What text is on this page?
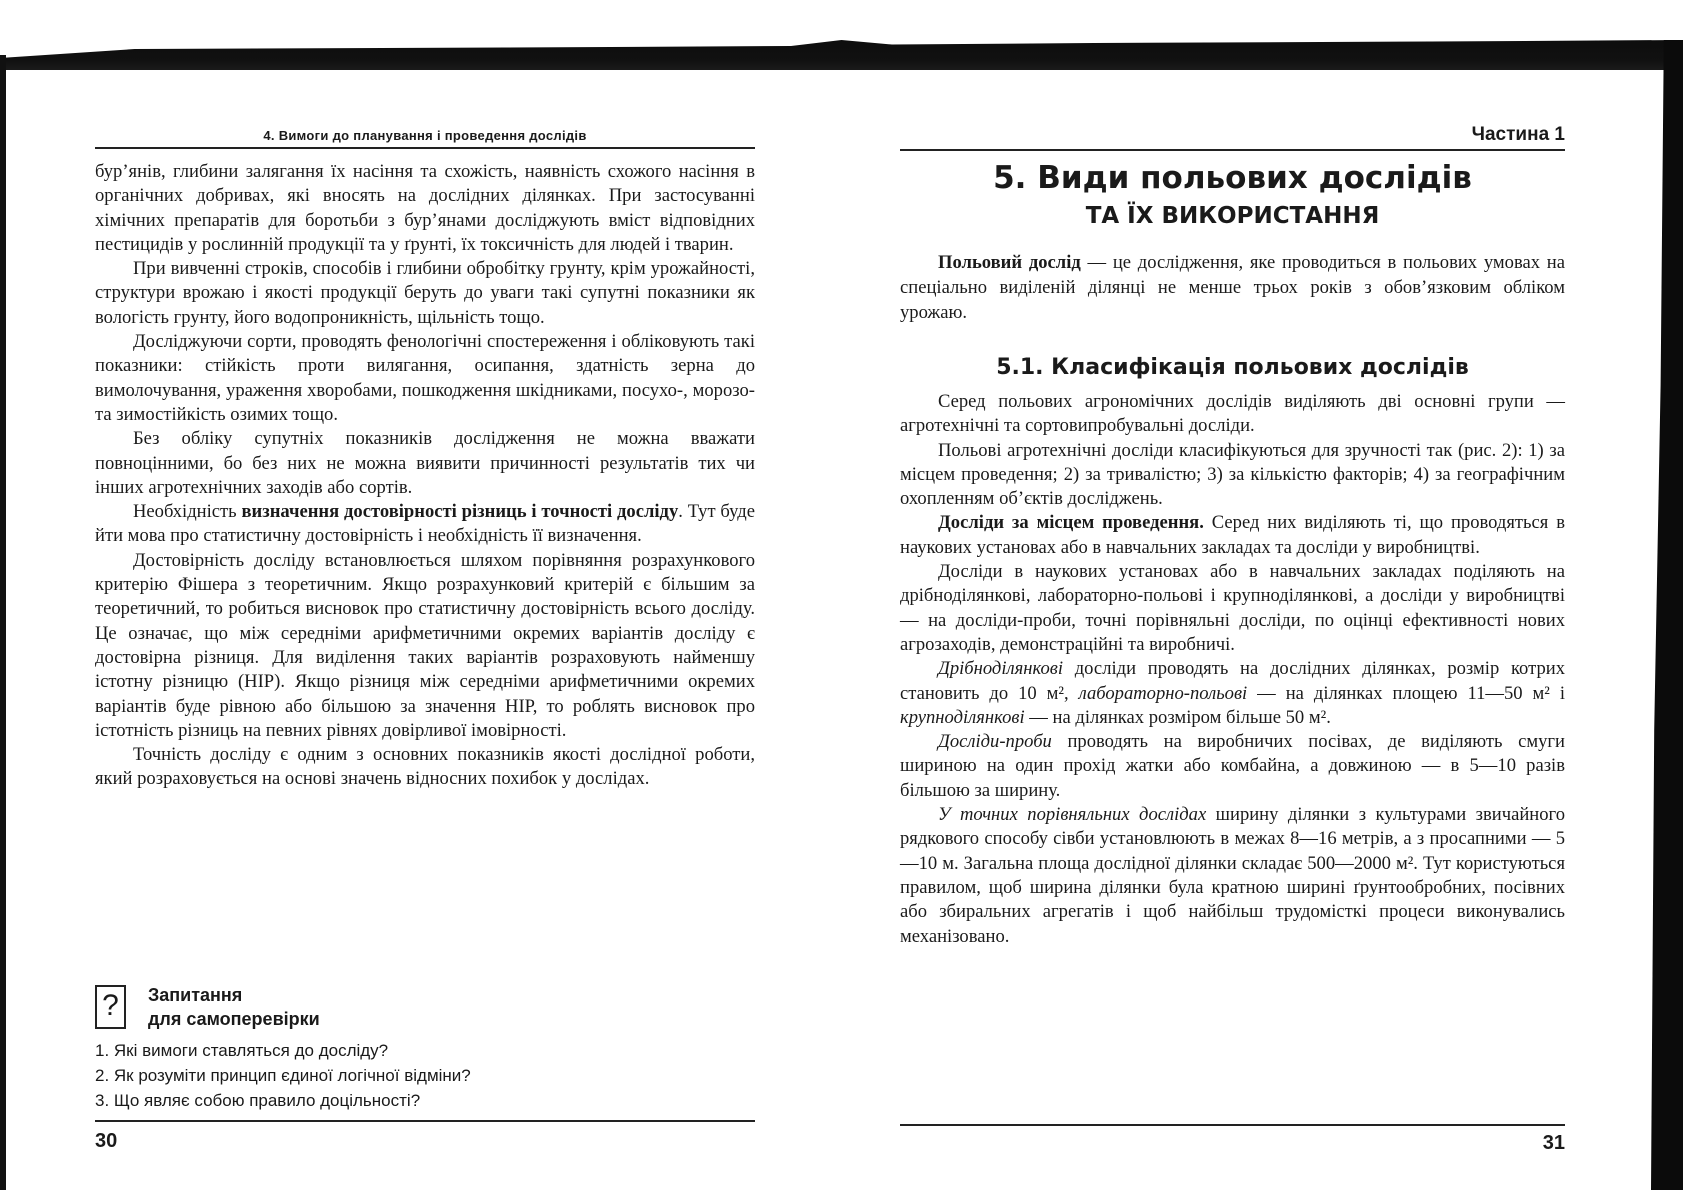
4. Вимоги до планування і проведення дослідів

бур’янів, глибини залягання їх насіння та схожість, наявність схожого насіння в органічних добривах, які вносять на дослідних ділянках. При застосуванні хімічних препаратів для боротьби з бур’янами досліджують вміст відповідних пестицидів у рослинній продукції та у ґрунті, їх токсичність для людей і тварин.

При вивченні строків, способів і глибини обробітку грунту, крім урожайності, структури врожаю і якості продукції беруть до уваги такі супутні показники як вологість грунту, його водопроникність, щільність тощо.

Досліджуючи сорти, проводять фенологічні спостереження і обліковують такі показники: стійкість проти вилягання, осипання, здатність зерна до вимолочування, ураження хворобами, пошкодження шкідниками, посухо-, морозо- та зимостійкість озимих тощо.

Без обліку супутніх показників дослідження не можна вважати повноцінними, бо без них не можна виявити причинності результатів тих чи інших агротехнічних заходів або сортів.

Необхідність визначення достовірності різниць і точності досліду. Тут буде йти мова про статистичну достовірність і необхідність її визначення.

Достовірність досліду встановлюється шляхом порівняння розрахункового критерію Фішера з теоретичним. Якщо розрахунковий критерій є більшим за теоретичний, то робиться висновок про статистичну достовірність всього досліду. Це означає, що між середніми арифметичними окремих варіантів досліду є достовірна різниця. Для виділення таких варіантів розраховують найменшу істотну різницю (НІР). Якщо різниця між середніми арифметичними окремих варіантів буде рівною або більшою за значення НІР, то роблять висновок про істотність різниць на певних рівнях довірливої імовірності.

Точність досліду є одним з основних показників якості дослідної роботи, який розраховується на основі значень відносних похибок у дослідах.

?	Запитання
для самоперевірки
1. Які вимоги ставляться до досліду?
2. Як розуміти принцип єдиної логічної відміни?
3. Що являє собою правило доцільності?
30
Частина 1
5. Види польових дослідів
ТА ЇХ ВИКОРИСТАННЯ

Польовий дослід — це дослідження, яке проводиться в польових умовах на спеціально виділеній ділянці не менше трьох років з обов’язковим обліком урожаю.

5.1. Класифікація польових дослідів

Серед польових агрономічних дослідів виділяють дві основні групи — агротехнічні та сортовипробувальні досліди.

Польові агротехнічні досліди класифікуються для зручності так (рис. 2): 1) за місцем проведення; 2) за тривалістю; 3) за кількістю факторів; 4) за географічним охопленням об’єктів досліджень.

Досліди за місцем проведення. Серед них виділяють ті, що проводяться в наукових установах або в навчальних закладах та досліди у виробництві.

Досліди в наукових установах або в навчальних закладах поділяють на дрібноділянкові, лабораторно-польові і крупноділянкові, а досліди у виробництві — на досліди-проби, точні порівняльні досліди, по оцінці ефективності нових агрозаходів, демонстраційні та виробничі.

Дрібноділянкові досліди проводять на дослідних ділянках, розмір котрих становить до 10 м², лабораторно-польові — на ділянках площею 11—50 м² і крупноділянкові — на ділянках розміром більше 50 м².

Досліди-проби проводять на виробничих посівах, де виділяють смуги шириною на один прохід жатки або комбайна, а довжиною — в 5—10 разів більшою за ширину.

У точних порівняльних дослідах ширину ділянки з культурами звичайного рядкового способу сівби установлюють в межах 8—16 метрів, а з просапними — 5—10 м. Загальна площа дослідної ділянки складає 500—2000 м². Тут користуються правилом, щоб ширина ділянки була кратною ширині ґрунтообробних, посівних або збиральних агрегатів і щоб найбільш трудомісткі процеси виконувались механізовано.

31
